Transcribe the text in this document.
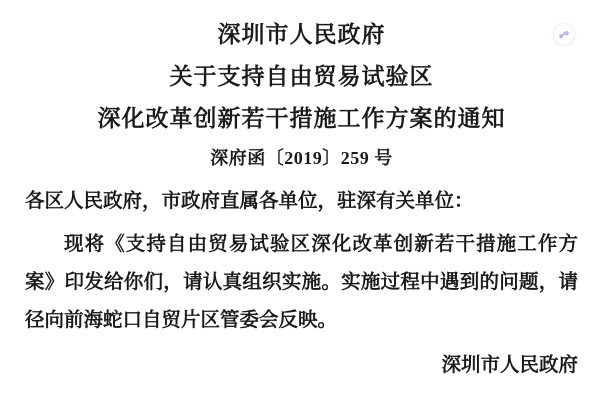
深圳市人民政府
关于支持自由贸易试验区
深化改革创新若干措施工作方案的通知
深府函〔2019〕259 号
各区人民政府，市政府直属各单位，驻深有关单位：
现将《支持自由贸易试验区深化改革创新若干措施工作方案》印发给你们，请认真组织实施。实施过程中遇到的问题，请径向前海蛇口自贸片区管委会反映。
深圳市人民政府
